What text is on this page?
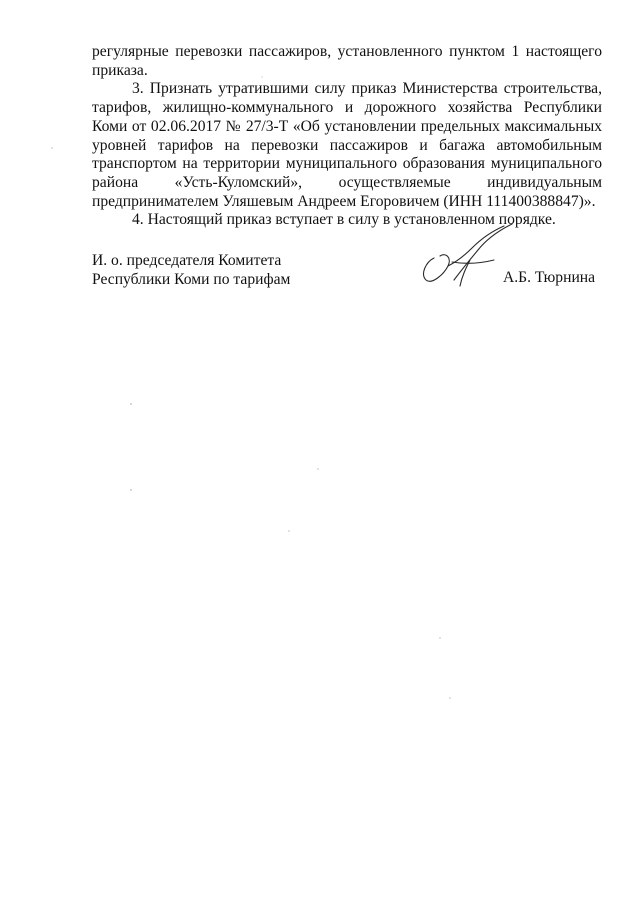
регулярные перевозки пассажиров, установленного пунктом 1 настоящего приказа.

3. Признать утратившими силу приказ Министерства строительства, тарифов, жилищно-коммунального и дорожного хозяйства Республики Коми от 02.06.2017 № 27/3-Т «Об установлении предельных максимальных уровней тарифов на перевозки пассажиров и багажа автомобильным транспортом на территории муниципального образования муниципального района «Усть-Куломский», осуществляемые индивидуальным предпринимателем Уляшевым Андреем Егоровичем (ИНН 111400388847)».

4. Настоящий приказ вступает в силу в установленном порядке.

И. о. председателя Комитета
Республики Коми по тарифам	А.Б. Тюрнина
